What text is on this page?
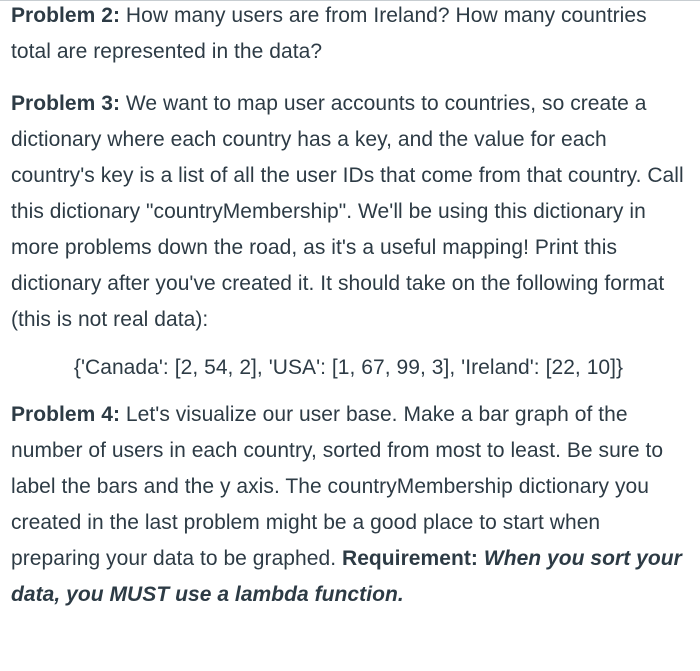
Problem 2: How many users are from Ireland? How many countries total are represented in the data?

Problem 3: We want to map user accounts to countries, so create a dictionary where each country has a key, and the value for each country's key is a list of all the user IDs that come from that country. Call this dictionary "countryMembership". We'll be using this dictionary in more problems down the road, as it's a useful mapping! Print this dictionary after you've created it. It should take on the following format (this is not real data):

{'Canada': [2, 54, 2], 'USA': [1, 67, 99, 3], 'Ireland': [22, 10]}

Problem 4: Let's visualize our user base. Make a bar graph of the number of users in each country, sorted from most to least. Be sure to label the bars and the y axis. The countryMembership dictionary you created in the last problem might be a good place to start when preparing your data to be graphed. Requirement: When you sort your data, you MUST use a lambda function.
